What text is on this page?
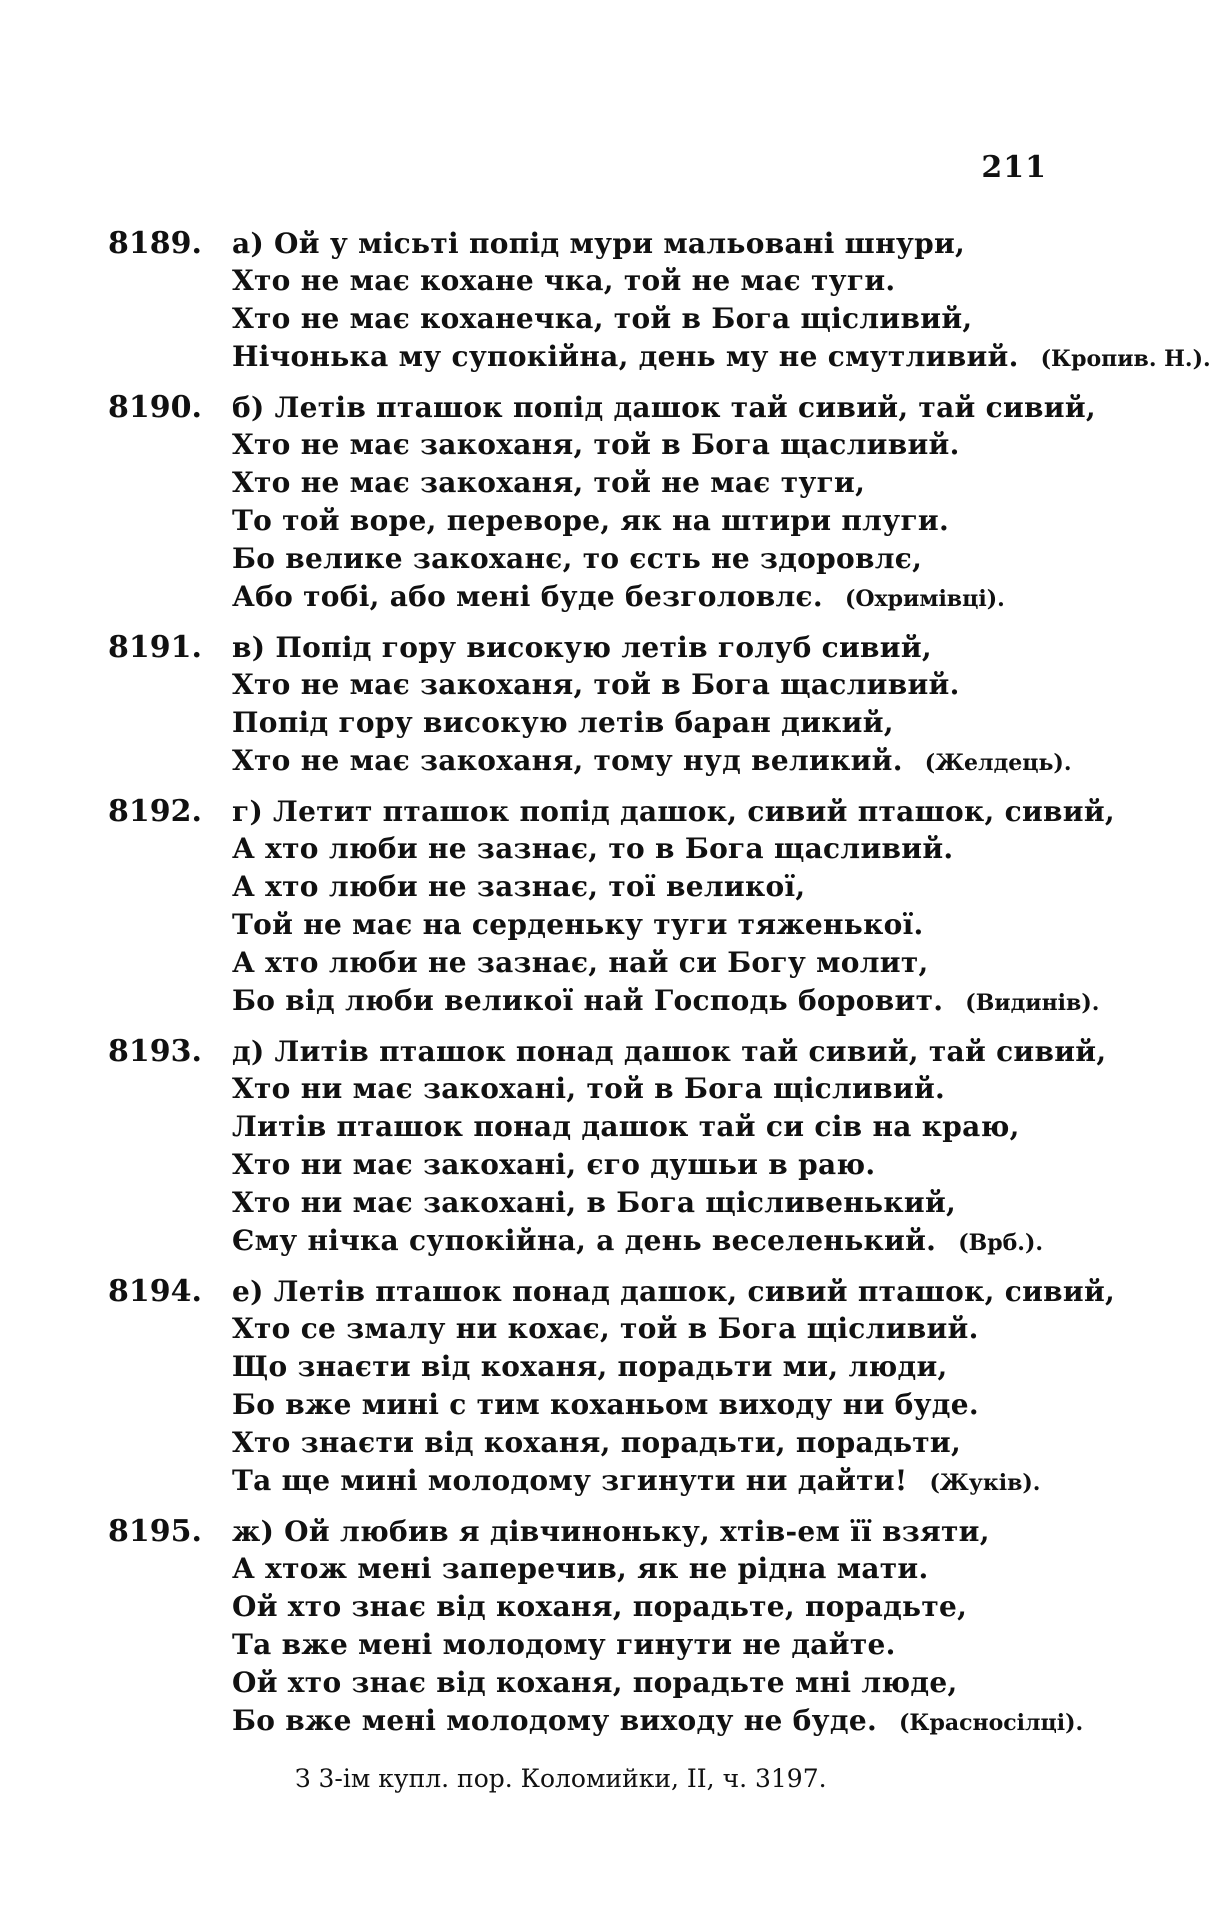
211
8189.	а) Ой у місьті попід мури мальовані шнури,
Хто не має кохане чка, той не має туги.
Хто не має коханечка, той в Бога щісливий,
Нічонька му супокійна, день му не смутливий. (Кропив. Н.).
8190.	б) Летів пташок попід дашок тай сивий, тай сивий,
Хто не має закоханя, той в Бога щасливий.
Хто не має закоханя, той не має туги,
То той воре, переворе, як на штири плуги.
Бо велике закоханє, то єсть не здоровлє,
Або тобі, або мені буде безголовлє. (Охримівці).
8191.	в) Попід гору високую летів голуб сивий,
Хто не має закоханя, той в Бога щасливий.
Попід гору високую летів баран дикий,
Хто не має закоханя, тому нуд великий. (Желдець).
8192.	г) Летит пташок попід дашок, сивий пташок, сивий,
А хто люби не зазнає, то в Бога щасливий.
А хто люби не зазнає, тої великої,
Той не має на серденьку туги тяженької.
А хто люби не зазнає, най си Богу молит,
Бо від люби великої най Господь боровит. (Видинів).
8193.	д) Литів пташок понад дашок тай сивий, тай сивий,
Хто ни має закохані, той в Бога щісливий.
Литів пташок понад дашок тай си сів на краю,
Хто ни має закохані, єго душьи в раю.
Хто ни має закохані, в Бога щісливенький,
Єму нічка супокійна, а день веселенький. (Врб.).
8194.	е) Летів пташок понад дашок, сивий пташок, сивий,
Хто се змалу ни кохає, той в Бога щісливий.
Що знаєти від коханя, порадьти ми, люди,
Бо вже мині с тим коханьом виходу ни буде.
Хто знаєти від коханя, порадьти, порадьти,
Та ще мині молодому згинути ни дайти! (Жуків).
8195.	ж) Ой любив я дівчиноньку, хтів-ем її взяти,
А хтож мені заперечив, як не рідна мати.
Ой хто знає від коханя, порадьте, порадьте,
Та вже мені молодому гинути не дайте.
Ой хто знає від коханя, порадьте мні люде,
Бо вже мені молодому виходу не буде. (Красносілці).
З 3-ім купл. пор. Коломийки, II, ч. 3197.
